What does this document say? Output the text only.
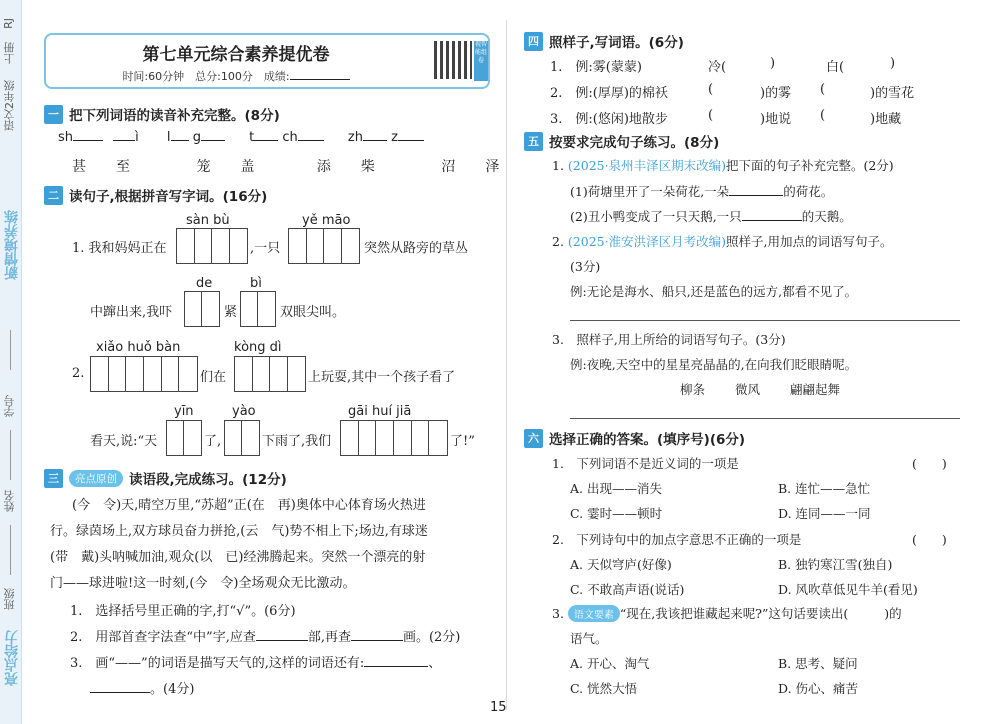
语文2年级
上册
RJ
新情境养练
学号
姓名
班级
亮点给力
第七单元综合素养提优卷
时间:60分钟　总分:100分　成绩:
视智能组卷
一 把下列词语的读音补充完整。(8分)
sh	ì l g	t ch	zh z
甚 至	笼 盖	添 柴	沼 泽
二 读句子,根据拼音写字词。(16分)
sàn bù	yě māo
1. 我和妈妈正在	,一只	突然从路旁的草丛
de	bì
中蹿出来,我吓	紧	双眼尖叫。
xiǎo huǒ bàn	kòng dì
2.	们在	上玩耍,其中一个孩子看了
yīn	yào	gāi huí jiā
看天,说:“天	了,	下雨了,我们	了!”
三	亮点原创 读语段,完成练习。(12分)
(今　令)天,晴空万里,“苏超”正(在　再)奥体中心体育场火热进
行。绿茵场上,双方球员奋力拼抢,(云　气)势不相上下;场边,有球迷
(带　戴)头呐喊加油,观众(以　已)经沸腾起来。突然一个漂亮的射
门——球进啦!这一时刻,(今　令)全场观众无比激动。
1.　选择括号里正确的字,打“√”。(6分)
2.　用部首查字法查“中”字,应查	部,再查	画。(2分)
3.　画“——”的词语是描写天气的,这样的词语还有:	、
。(4分)
四 照样子,写词语。(6分)
1.　例:雾(蒙蒙)	冷(	)	白(	)
2.　例:(厚厚)的棉袄	(	)的雾 (	)的雪花
3.　例:(悠闲)地散步	(	)地说 (	)地藏
五 按要求完成句子练习。(8分)
1. (2025·泉州丰泽区期末改编)把下面的句子补充完整。(2分)
(1)荷塘里开了一朵荷花,一朵	的荷花。
(2)丑小鸭变成了一只天鹅,一只	的天鹅。
2. (2025·淮安洪泽区月考改编)照样子,用加点的词语写句子。
(3分)
例:无论是海水、船只,还是蓝色的远方,都看不见了。
3.　照样子,用上所给的词语写句子。(3分)
例:夜晚,天空中的星星亮晶晶的,在向我们眨眼睛呢。
柳条 微风 翩翩起舞
六 选择正确的答案。(填序号)(6分)
1.　下列词语不是近义词的一项是	(　　)
A. 出现——消失	B. 连忙——急忙
C. 霎时——顿时	D. 连同——一同
2.　下列诗句中的加点字意思不正确的一项是	(　　)
A. 天似穹庐(好像)	B. 独钓寒江雪(独自)
C. 不敢高声语(说话)	D. 风吹草低见牛羊(看见)
3. 语文要素 “现在,我该把谁藏起来呢?”这句话要读出(	)的
语气。
A. 开心、淘气	B. 思考、疑问
C. 恍然大悟	D. 伤心、痛苦
15
